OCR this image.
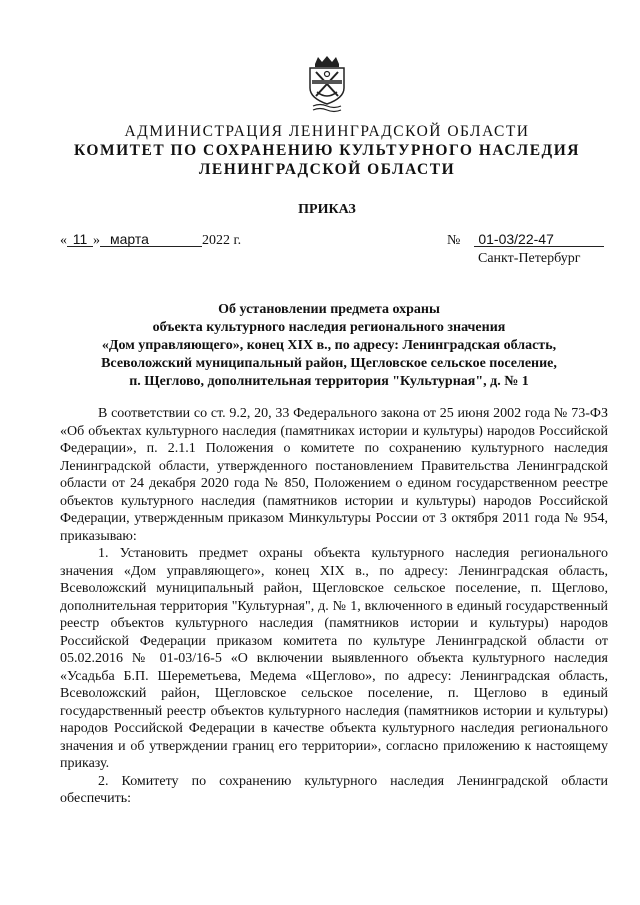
АДМИНИСТРАЦИЯ ЛЕНИНГРАДСКОЙ ОБЛАСТИ
КОМИТЕТ ПО СОХРАНЕНИЮ КУЛЬТУРНОГО НАСЛЕДИЯ
ЛЕНИНГРАДСКОЙ ОБЛАСТИ
ПРИКАЗ
« 11 » марта	2022 г.	№ 01-03/22-47
Санкт-Петербург
Об установлении предмета охраны
объекта культурного наследия регионального значения
«Дом управляющего», конец XIX в., по адресу: Ленинградская область,
Всеволожский муниципальный район, Щегловское сельское поселение,
п. Щеглово, дополнительная территория "Культурная", д. № 1

В соответствии со ст. 9.2, 20, 33 Федерального закона от 25 июня 2002 года № 73-ФЗ «Об объектах культурного наследия (памятниках истории и культуры) народов Российской Федерации», п. 2.1.1 Положения о комитете по сохранению культурного наследия Ленинградской области, утвержденного постановлением Правительства Ленинградской области от 24 декабря 2020 года № 850, Положением о едином государственном реестре объектов культурного наследия (памятников истории и культуры) народов Российской Федерации, утвержденным приказом Минкультуры России от 3 октября 2011 года № 954, приказываю:

1. Установить предмет охраны объекта культурного наследия регионального значения «Дом управляющего», конец XIX в., по адресу: Ленинградская область, Всеволожский муниципальный район, Щегловское сельское поселение, п. Щеглово, дополнительная территория "Культурная", д. № 1, включенного в единый государственный реестр объектов культурного наследия (памятников истории и культуры) народов Российской Федерации приказом комитета по культуре Ленинградской области от 05.02.2016 № 01-03/16-5 «О включении выявленного объекта культурного наследия «Усадьба Б.П. Шереметьева, Медема «Щеглово», по адресу: Ленинградская область, Всеволожский район, Щегловское сельское поселение, п. Щеглово в единый государственный реестр объектов культурного наследия (памятников истории и культуры) народов Российской Федерации в качестве объекта культурного наследия регионального значения и об утверждении границ его территории», согласно приложению к настоящему приказу.

2. Комитету по сохранению культурного наследия Ленинградской области обеспечить:
